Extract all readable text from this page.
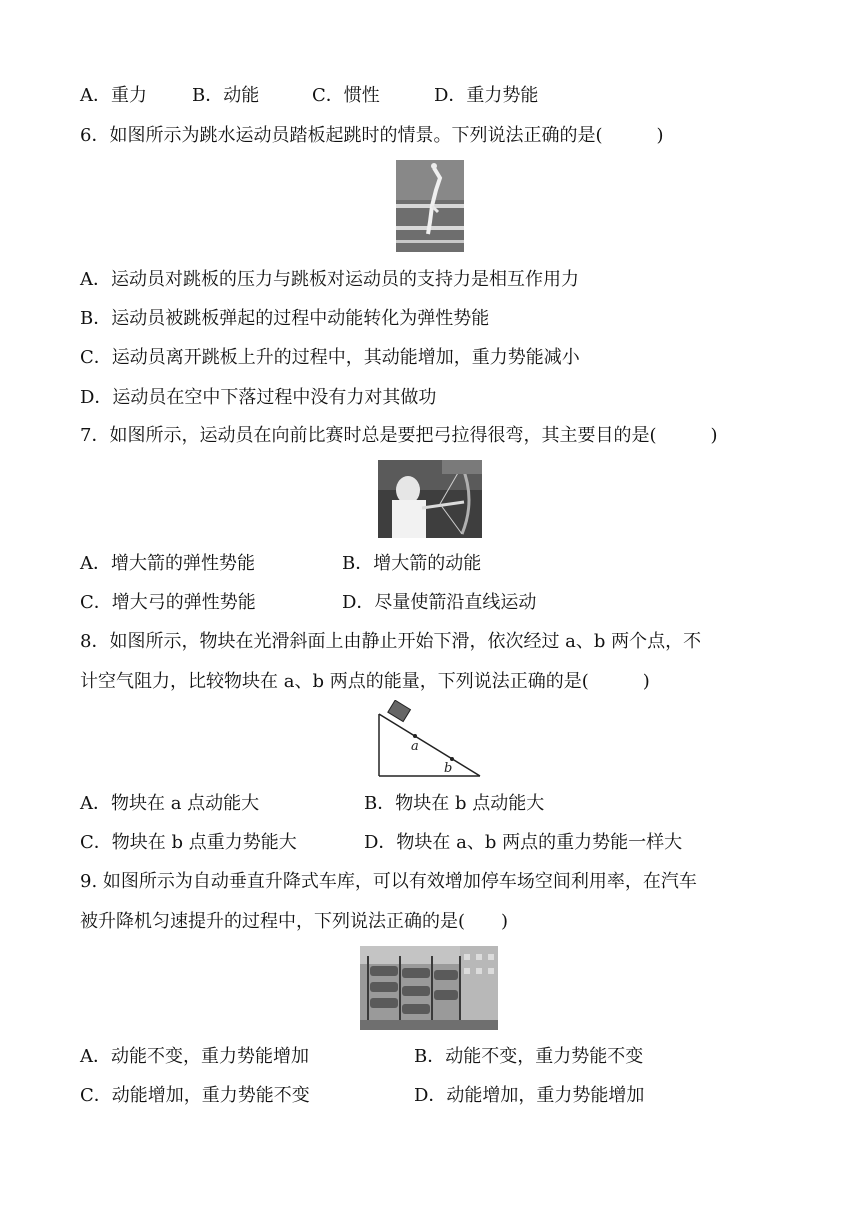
A．重力	B．动能	C．惯性	D．重力势能
6．如图所示为跳水运动员踏板起跳时的情景。下列说法正确的是(　　　)
A．运动员对跳板的压力与跳板对运动员的支持力是相互作用力
B．运动员被跳板弹起的过程中动能转化为弹性势能
C．运动员离开跳板上升的过程中，其动能增加，重力势能减小
D．运动员在空中下落过程中没有力对其做功
7．如图所示，运动员在向前比赛时总是要把弓拉得很弯，其主要目的是(　　　)
A．增大箭的弹性势能	B．增大箭的动能
C．增大弓的弹性势能	D．尽量使箭沿直线运动
8．如图所示，物块在光滑斜面上由静止开始下滑，依次经过 a、b 两个点，不
计空气阻力，比较物块在 a、b 两点的能量，下列说法正确的是(　　　)
a
b
A．物块在 a 点动能大	B．物块在 b 点动能大
C．物块在 b 点重力势能大	D．物块在 a、b 两点的重力势能一样大
9. 如图所示为自动垂直升降式车库，可以有效增加停车场空间利用率，在汽车
被升降机匀速提升的过程中，下列说法正确的是(　　)
A．动能不变，重力势能增加	B．动能不变，重力势能不变
C．动能增加，重力势能不变	D．动能增加，重力势能增加
